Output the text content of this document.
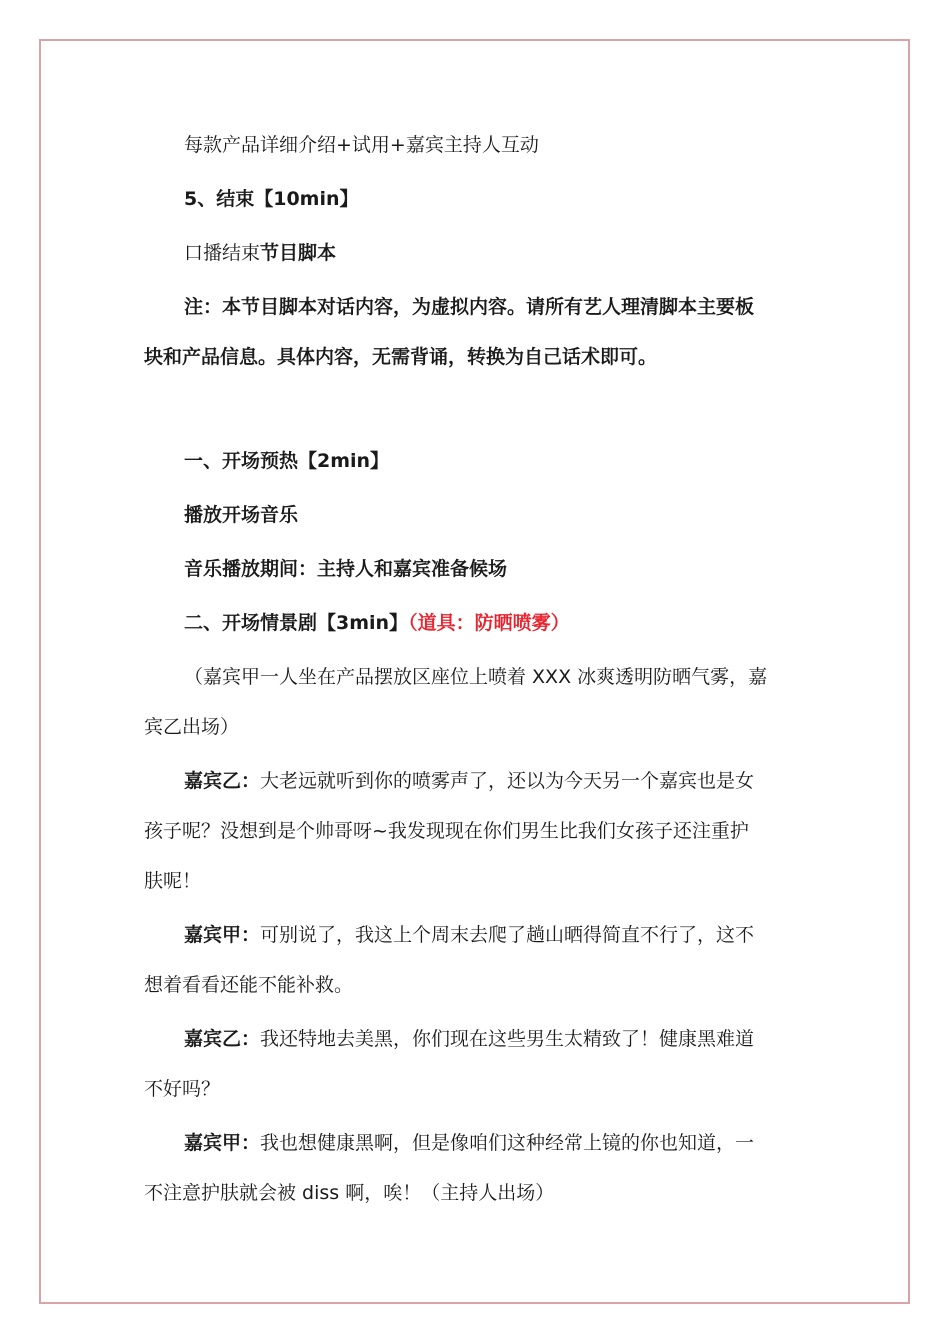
每款产品详细介绍+试用+嘉宾主持人互动
5、结束【10min】
口播结束节目脚本
注：本节目脚本对话内容，为虚拟内容。请所有艺人理清脚本主要板
块和产品信息。具体内容，无需背诵，转换为自己话术即可。
一、开场预热【2min】
播放开场音乐
音乐播放期间：主持人和嘉宾准备候场
二、开场情景剧【3min】（道具：防晒喷雾）
（嘉宾甲一人坐在产品摆放区座位上喷着 XXX 冰爽透明防晒气雾，嘉
宾乙出场）
嘉宾乙：大老远就听到你的喷雾声了，还以为今天另一个嘉宾也是女
孩子呢？没想到是个帅哥呀~我发现现在你们男生比我们女孩子还注重护
肤呢！
嘉宾甲：可别说了，我这上个周末去爬了趟山晒得简直不行了，这不
想着看看还能不能补救。
嘉宾乙：我还特地去美黑，你们现在这些男生太精致了！健康黑难道
不好吗？
嘉宾甲：我也想健康黑啊，但是像咱们这种经常上镜的你也知道，一
不注意护肤就会被 diss 啊，唉！（主持人出场）
